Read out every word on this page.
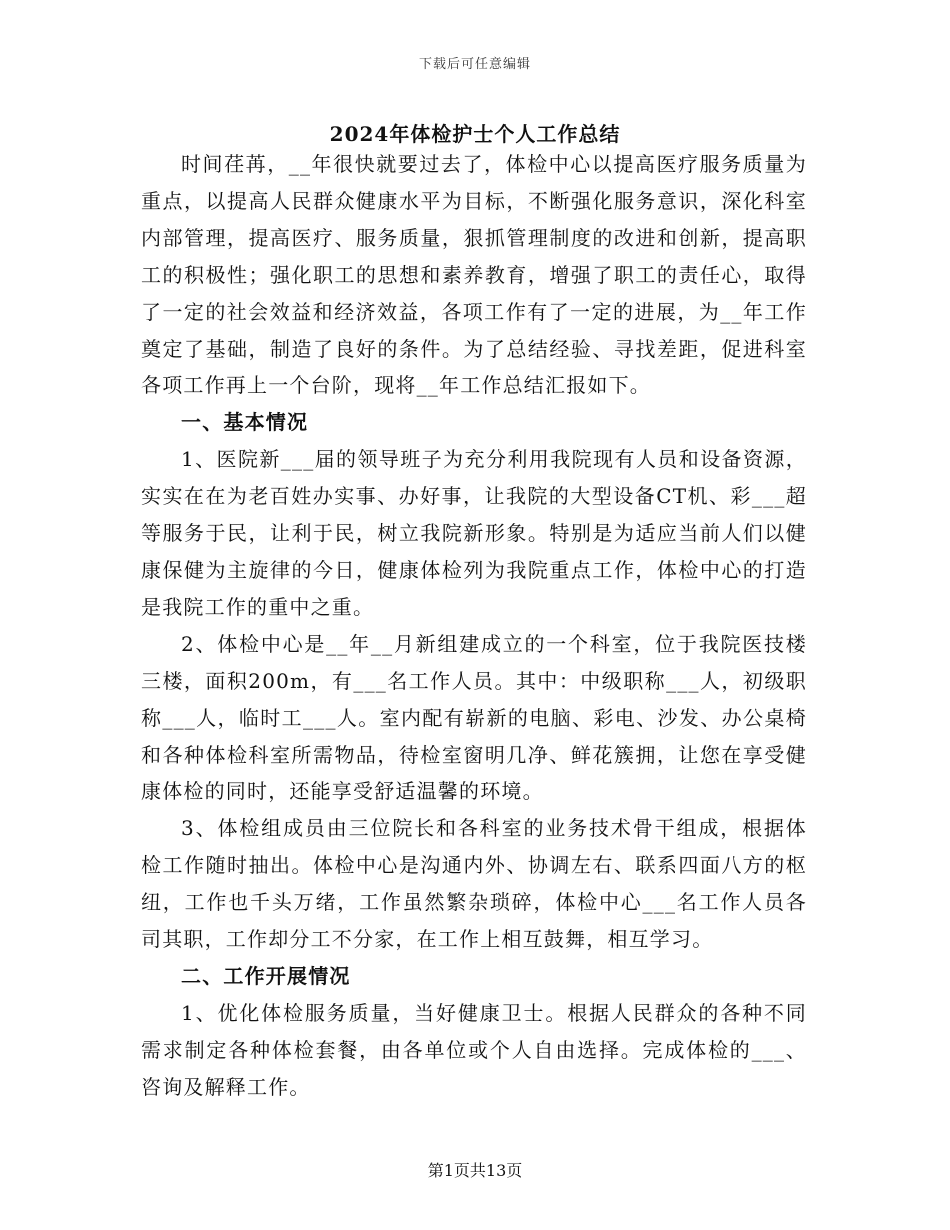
下载后可任意编辑
2024年体检护士个人工作总结

时间荏苒，__年很快就要过去了，体检中心以提高医疗服务质量为重点，以提高人民群众健康水平为目标，不断强化服务意识，深化科室内部管理，提高医疗、服务质量，狠抓管理制度的改进和创新，提高职工的积极性；强化职工的思想和素养教育，增强了职工的责任心，取得了一定的社会效益和经济效益，各项工作有了一定的进展，为__年工作奠定了基础，制造了良好的条件。为了总结经验、寻找差距，促进科室各项工作再上一个台阶，现将__年工作总结汇报如下。

一、基本情况

1、医院新___届的领导班子为充分利用我院现有人员和设备资源，实实在在为老百姓办实事、办好事，让我院的大型设备CT机、彩___超等服务于民，让利于民，树立我院新形象。特别是为适应当前人们以健康保健为主旋律的今日，健康体检列为我院重点工作，体检中心的打造是我院工作的重中之重。

2、体检中心是__年__月新组建成立的一个科室，位于我院医技楼三楼，面积200m，有___名工作人员。其中：中级职称___人，初级职称___人，临时工___人。室内配有崭新的电脑、彩电、沙发、办公桌椅和各种体检科室所需物品，待检室窗明几净、鲜花簇拥，让您在享受健康体检的同时，还能享受舒适温馨的环境。

3、体检组成员由三位院长和各科室的业务技术骨干组成，根据体检工作随时抽出。体检中心是沟通内外、协调左右、联系四面八方的枢纽，工作也千头万绪，工作虽然繁杂琐碎，体检中心___名工作人员各司其职，工作却分工不分家，在工作上相互鼓舞，相互学习。

二、工作开展情况

1、优化体检服务质量，当好健康卫士。根据人民群众的各种不同需求制定各种体检套餐，由各单位或个人自由选择。完成体检的___、咨询及解释工作。

第1页共13页
